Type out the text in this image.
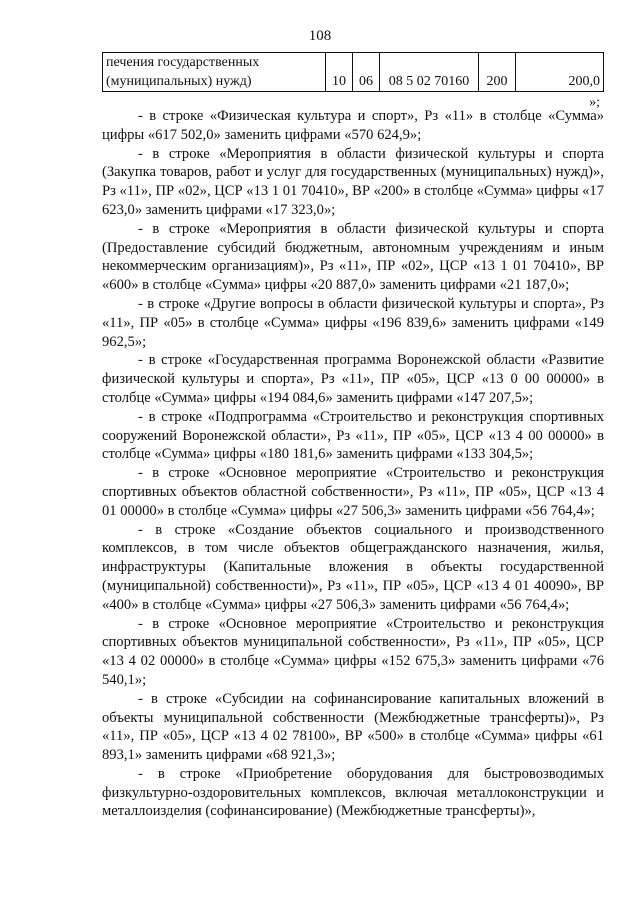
108
печения государственных (муниципальных) нужд)	10	06	08 5 02 70160	200	200,0
»;

- в строке «Физическая культура и спорт», Рз «11» в столбце «Сумма» цифры «617 502,0» заменить цифрами «570 624,9»;

- в строке «Мероприятия в области физической культуры и спорта (Закупка товаров, работ и услуг для государственных (муниципальных) нужд)», Рз «11», ПР «02», ЦСР «13 1 01 70410», ВР «200» в столбце «Сумма» цифры «17 623,0» заменить цифрами «17 323,0»;

- в строке «Мероприятия в области физической культуры и спорта (Предоставление субсидий бюджетным, автономным учреждениям и иным некоммерческим организациям)», Рз «11», ПР «02», ЦСР «13 1 01 70410», ВР «600» в столбце «Сумма» цифры «20 887,0» заменить цифрами «21 187,0»;

- в строке «Другие вопросы в области физической культуры и спорта», Рз «11», ПР «05» в столбце «Сумма» цифры «196 839,6» заменить цифрами «149 962,5»;

- в строке «Государственная программа Воронежской области «Развитие физической культуры и спорта», Рз «11», ПР «05», ЦСР «13 0 00 00000» в столбце «Сумма» цифры «194 084,6» заменить цифрами «147 207,5»;

- в строке «Подпрограмма «Строительство и реконструкция спортивных сооружений Воронежской области», Рз «11», ПР «05», ЦСР «13 4 00 00000» в столбце «Сумма» цифры «180 181,6» заменить цифрами «133 304,5»;

- в строке «Основное мероприятие «Строительство и реконструкция спортивных объектов областной собственности», Рз «11», ПР «05», ЦСР «13 4 01 00000» в столбце «Сумма» цифры «27 506,3» заменить цифрами «56 764,4»;

- в строке «Создание объектов социального и производственного комплексов, в том числе объектов общегражданского назначения, жилья, инфраструктуры (Капитальные вложения в объекты государственной (муниципальной) собственности)», Рз «11», ПР «05», ЦСР «13 4 01 40090», ВР «400» в столбце «Сумма» цифры «27 506,3» заменить цифрами «56 764,4»;

- в строке «Основное мероприятие «Строительство и реконструкция спортивных объектов муниципальной собственности», Рз «11», ПР «05», ЦСР «13 4 02 00000» в столбце «Сумма» цифры «152 675,3» заменить цифрами «76 540,1»;

- в строке «Субсидии на софинансирование капитальных вложений в объекты муниципальной собственности (Межбюджетные трансферты)», Рз «11», ПР «05», ЦСР «13 4 02 78100», ВР «500» в столбце «Сумма» цифры «61 893,1» заменить цифрами «68 921,3»;

- в строке «Приобретение оборудования для быстровозводимых физкультурно-оздоровительных комплексов, включая металлоконструкции и металлоизделия (софинансирование) (Межбюджетные трансферты)»,
